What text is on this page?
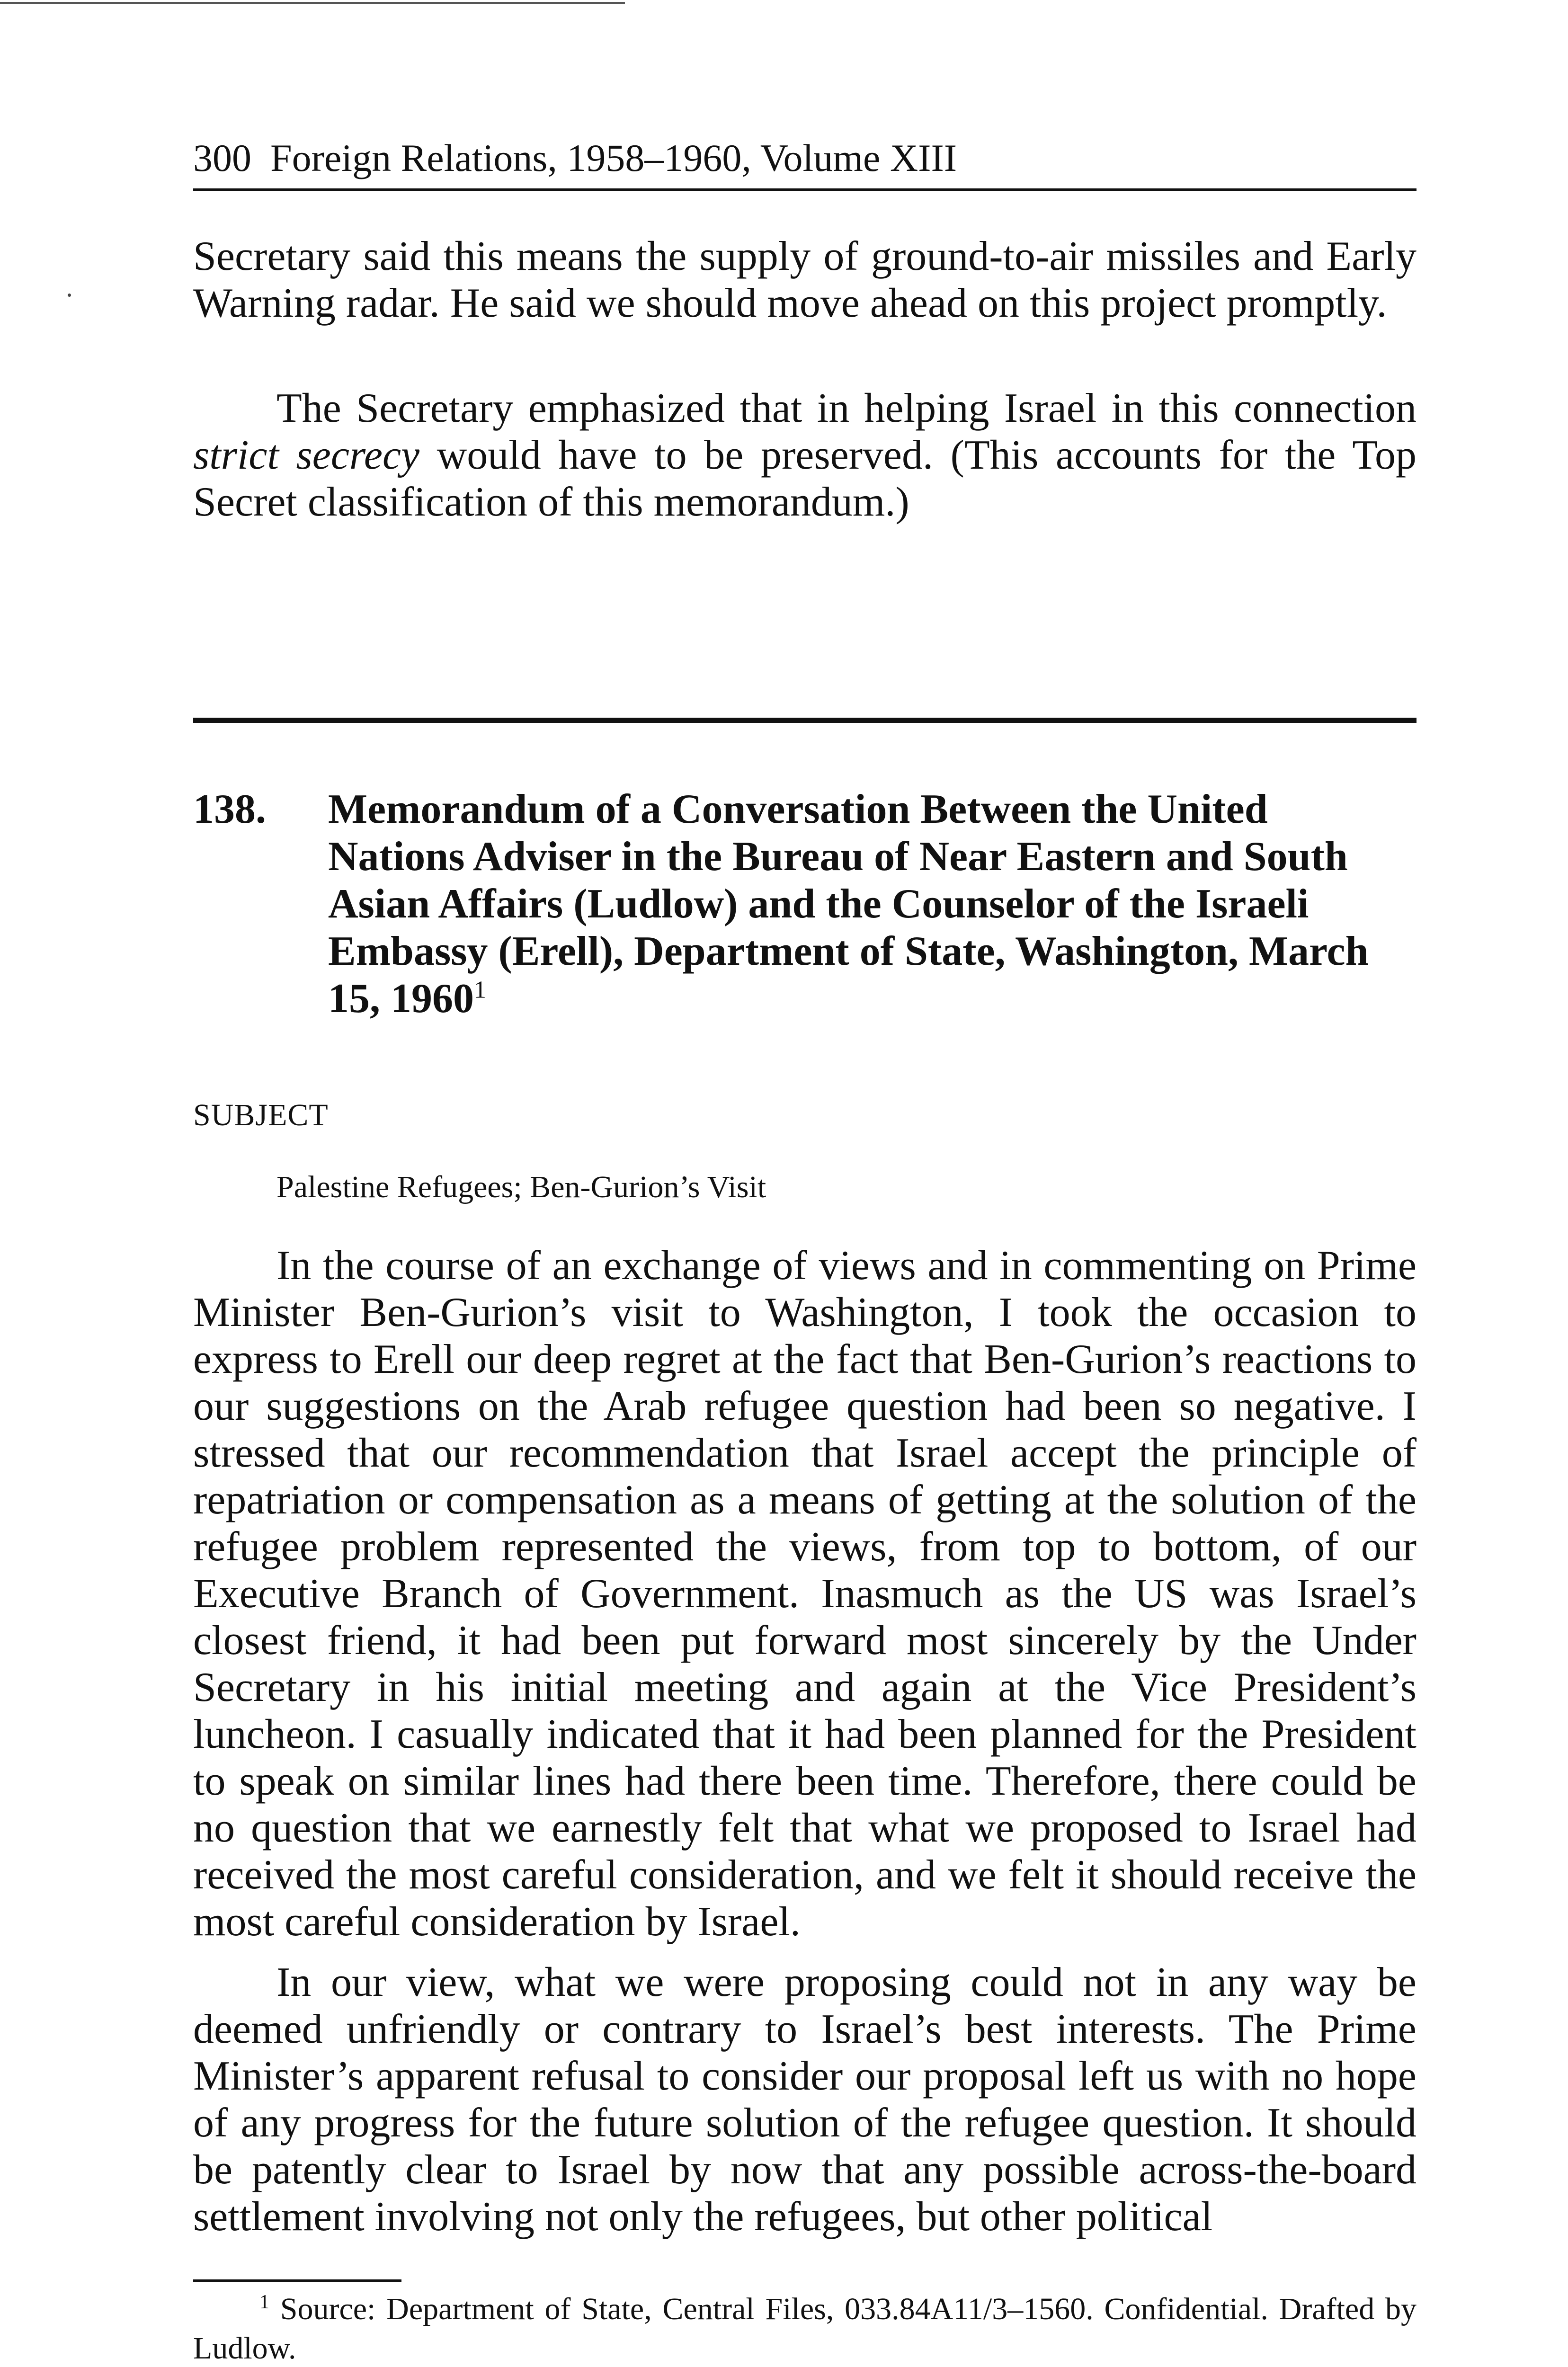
300 Foreign Relations, 1958–1960, Volume XIII

Secretary said this means the supply of ground-to-air missiles and Early Warning radar. He said we should move ahead on this project promptly.

The Secretary emphasized that in helping Israel in this connection strict secrecy would have to be preserved. (This accounts for the Top Secret classification of this memorandum.)

138. Memorandum of a Conversation Between the United Nations Adviser in the Bureau of Near Eastern and South Asian Affairs (Ludlow) and the Counselor of the Israeli Embassy (Erell), Department of State, Washington, March 15, 1960$^1$

SUBJECT
Palestine Refugees; Ben-Gurion’s Visit

In the course of an exchange of views and in commenting on Prime Minister Ben-Gurion’s visit to Washington, I took the occasion to express to Erell our deep regret at the fact that Ben-Gurion’s reactions to our suggestions on the Arab refugee question had been so negative. I stressed that our recommendation that Israel accept the principle of repatriation or compensation as a means of getting at the solution of the refugee problem represented the views, from top to bottom, of our Executive Branch of Government. Inasmuch as the US was Israel’s closest friend, it had been put forward most sincerely by the Under Secretary in his initial meeting and again at the Vice President’s luncheon. I casually indicated that it had been planned for the President to speak on similar lines had there been time. Therefore, there could be no question that we earnestly felt that what we proposed to Israel had received the most careful consideration, and we felt it should receive the most careful consideration by Israel.

In our view, what we were proposing could not in any way be deemed unfriendly or contrary to Israel’s best interests. The Prime Minister’s apparent refusal to consider our proposal left us with no hope of any progress for the future solution of the refugee question. It should be patently clear to Israel by now that any possible across-the-board settlement involving not only the refugees, but other political

$^1$ Source: Department of State, Central Files, 033.84A11/3–1560. Confidential. Drafted by Ludlow.
